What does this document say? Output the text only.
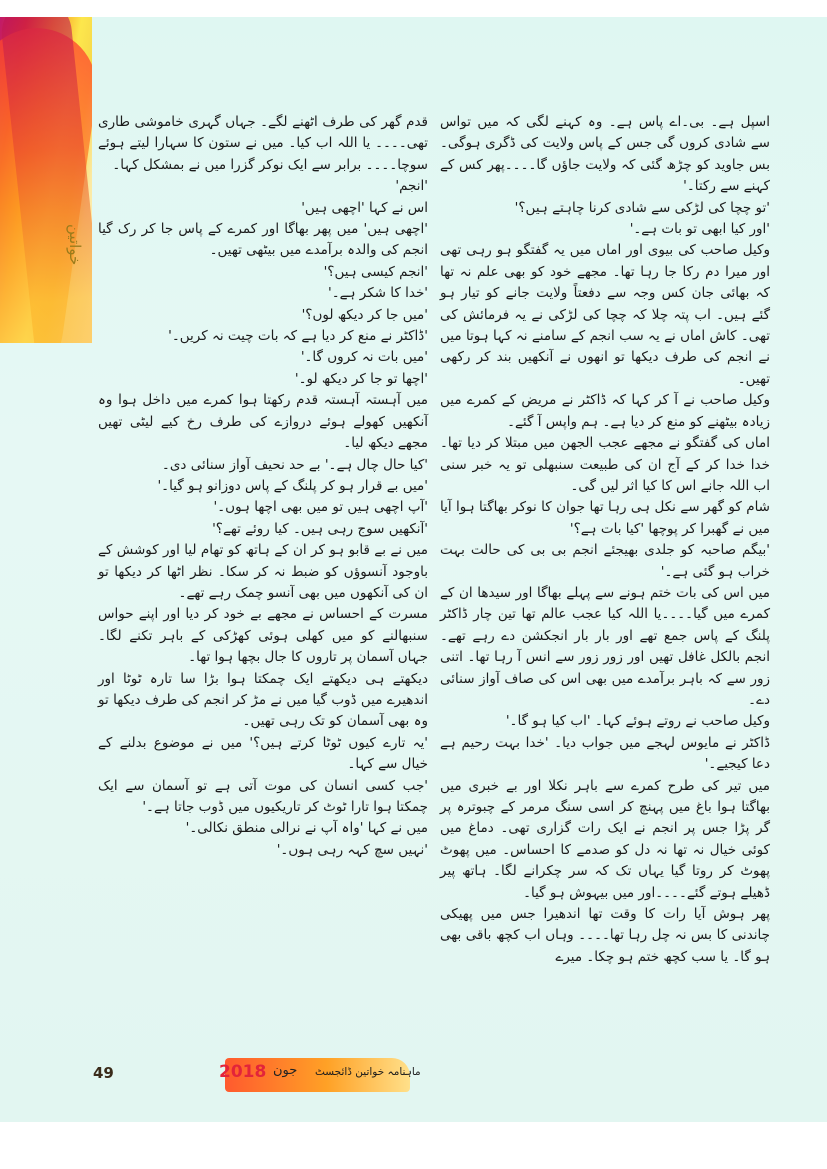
خواتین

اسپل ہے۔ بی۔اے پاس ہے۔ وہ کہنے لگی کہ میں تواس سے شادی کروں گی جس کے پاس ولایت کی ڈگری ہوگی۔ بس جاوید کو چڑھ گئی کہ ولایت جاؤں گا۔۔۔۔پھر کس کے کہنے سے رکتا۔'

'تو چچا کی لڑکی سے شادی کرنا چاہتے ہیں؟'

'اور کیا ابھی تو بات ہے۔'

وکیل صاحب کی بیوی اور اماں میں یہ گفتگو ہو رہی تھی اور میرا دم رکا جا رہا تھا۔ مجھے خود کو بھی علم نہ تھا کہ بھائی جان کس وجہ سے دفعتاً ولایت جانے کو تیار ہو گئے ہیں۔ اب پتہ چلا کہ چچا کی لڑکی نے یہ فرمائش کی تھی۔ کاش اماں نے یہ سب انجم کے سامنے نہ کہا ہوتا میں نے انجم کی طرف دیکھا تو انھوں نے آنکھیں بند کر رکھی تھیں۔

وکیل صاحب نے آ کر کہا کہ ڈاکٹر نے مریض کے کمرے میں زیادہ بیٹھنے کو منع کر دیا ہے۔ ہم واپس آ گئے۔

اماں کی گفتگو نے مجھے عجب الجھن میں مبتلا کر دیا تھا۔ خدا خدا کر کے آج ان کی طبیعت سنبھلی تو یہ خبر سنی اب اللہ جانے اس کا کیا اثر لیں گی۔

شام کو گھر سے نکل ہی رہا تھا جوان کا نوکر بھاگتا ہوا آیا میں نے گھبرا کر پوچھا 'کیا بات ہے؟'

'بیگم صاحبہ کو جلدی بھیجئے انجم بی بی کی حالت بہت خراب ہو گئی ہے۔'

میں اس کی بات ختم ہونے سے پہلے بھاگا اور سیدھا ان کے کمرے میں گیا۔۔۔۔یا اللہ کیا عجب عالم تھا تین چار ڈاکٹر پلنگ کے پاس جمع تھے اور بار بار انجکشن دے رہے تھے۔ انجم بالکل غافل تھیں اور زور زور سے انس آ رہا تھا۔ اتنی زور سے کہ باہر برآمدے میں بھی اس کی صاف آواز سنائی دے۔

وکیل صاحب نے روتے ہوئے کہا۔ 'اب کیا ہو گا۔'

ڈاکٹر نے مایوس لہجے میں جواب دیا۔ 'خدا بہت رحیم ہے دعا کیجیے۔'

میں تیر کی طرح کمرے سے باہر نکلا اور بے خبری میں بھاگتا ہوا باغ میں پہنچ کر اسی سنگ مرمر کے چبوترہ پر گر پڑا جس پر انجم نے ایک رات گزاری تھی۔ دماغ میں کوئی خیال نہ تھا نہ دل کو صدمے کا احساس۔ میں پھوٹ پھوٹ کر روتا گیا یہاں تک کہ سر چکرانے لگا۔ ہاتھ پیر ڈھیلے ہوتے گئے۔۔۔۔اور میں بیہوش ہو گیا۔

پھر ہوش آیا رات کا وقت تھا اندھیرا جس میں پھیکی چاندنی کا بس نہ چل رہا تھا۔۔۔۔ وہاں اب کچھ باقی بھی ہو گا۔ یا سب کچھ ختم ہو چکا۔ میرے

قدم گھر کی طرف اٹھنے لگے۔ جہاں گہری خاموشی طاری تھی۔۔۔۔ یا اللہ اب کیا۔ میں نے ستون کا سہارا لیتے ہوئے سوچا۔۔۔۔ برابر سے ایک نوکر گزرا میں نے بمشکل کہا۔

'انجم'

اس نے کہا 'اچھی ہیں'

'اچھی ہیں' میں پھر بھاگا اور کمرے کے پاس جا کر رک گیا انجم کی والدہ برآمدے میں بیٹھی تھیں۔

'انجم کیسی ہیں؟'

'خدا کا شکر ہے۔'

'میں جا کر دیکھ لوں؟'

'ڈاکٹر نے منع کر دیا ہے کہ بات چیت نہ کریں۔'

'میں بات نہ کروں گا۔'

'اچھا تو جا کر دیکھ لو۔'

میں آہستہ آہستہ قدم رکھتا ہوا کمرے میں داخل ہوا وہ آنکھیں کھولے ہوئے دروازے کی طرف رخ کیے لیٹی تھیں مجھے دیکھ لیا۔

'کیا حال چال ہے۔' بے حد نحیف آواز سنائی دی۔

'میں بے قرار ہو کر پلنگ کے پاس دوزانو ہو گیا۔'

'آپ اچھی ہیں تو میں بھی اچھا ہوں۔'

'آنکھیں سوج رہی ہیں۔ کیا روئے تھے؟'

میں نے بے قابو ہو کر ان کے ہاتھ کو تھام لیا اور کوشش کے باوجود آنسوؤں کو ضبط نہ کر سکا۔ نظر اٹھا کر دیکھا تو ان کی آنکھوں میں بھی آنسو چمک رہے تھے۔

مسرت کے احساس نے مجھے بے خود کر دیا اور اپنے حواس سنبھالنے کو میں کھلی ہوئی کھڑکی کے باہر تکنے لگا۔ جہاں آسمان پر تاروں کا جال بچھا ہوا تھا۔

دیکھتے ہی دیکھتے ایک چمکتا ہوا بڑا سا تارہ ٹوٹا اور اندھیرے میں ڈوب گیا میں نے مڑ کر انجم کی طرف دیکھا تو وہ بھی آسمان کو تک رہی تھیں۔

'یہ تارے کیوں ٹوٹا کرتے ہیں؟' میں نے موضوع بدلنے کے خیال سے کہا۔

'جب کسی انسان کی موت آتی ہے تو آسمان سے ایک چمکتا ہوا تارا ٹوٹ کر تاریکیوں میں ڈوب جاتا ہے۔'

میں نے کہا 'واہ آپ نے نرالی منطق نکالی۔'

'نہیں سچ کہہ رہی ہوں۔'

49	2018 جون ماہنامہ خواتین ڈائجسٹ
